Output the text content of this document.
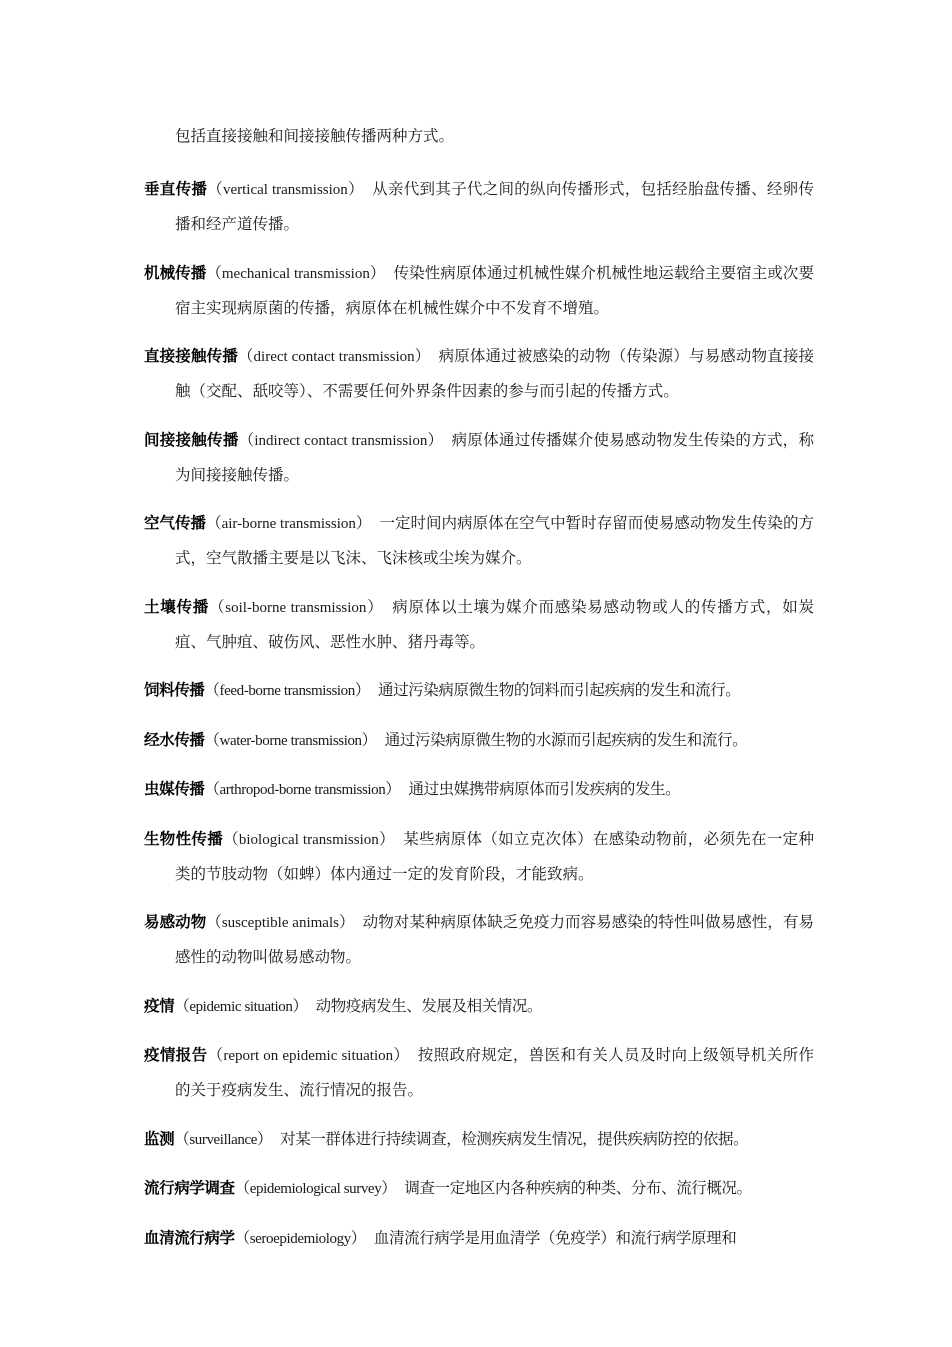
包括直接接触和间接接触传播两种方式。

垂直传播（vertical transmission） 从亲代到其子代之间的纵向传播形式，包括经胎盘传播、经卵传播和经产道传播。

机械传播（mechanical transmission） 传染性病原体通过机械性媒介机械性地运载给主要宿主或次要宿主实现病原菌的传播，病原体在机械性媒介中不发育不增殖。

直接接触传播（direct contact transmission） 病原体通过被感染的动物（传染源）与易感动物直接接触（交配、舐咬等）、不需要任何外界条件因素的参与而引起的传播方式。

间接接触传播（indirect contact transmission） 病原体通过传播媒介使易感动物发生传染的方式，称为间接接触传播。

空气传播（air-borne transmission） 一定时间内病原体在空气中暂时存留而使易感动物发生传染的方式，空气散播主要是以飞沫、飞沫核或尘埃为媒介。

土壤传播（soil-borne transmission） 病原体以土壤为媒介而感染易感动物或人的传播方式，如炭疽、气肿疽、破伤风、恶性水肿、猪丹毒等。

饲料传播（feed-borne transmission） 通过污染病原微生物的饲料而引起疾病的发生和流行。

经水传播（water-borne transmission） 通过污染病原微生物的水源而引起疾病的发生和流行。

虫媒传播（arthropod-borne transmission） 通过虫媒携带病原体而引发疾病的发生。

生物性传播（biological transmission） 某些病原体（如立克次体）在感染动物前，必须先在一定种类的节肢动物（如蜱）体内通过一定的发育阶段，才能致病。

易感动物（susceptible animals） 动物对某种病原体缺乏免疫力而容易感染的特性叫做易感性，有易感性的动物叫做易感动物。

疫情（epidemic situation） 动物疫病发生、发展及相关情况。

疫情报告（report on epidemic situation） 按照政府规定，兽医和有关人员及时向上级领导机关所作的关于疫病发生、流行情况的报告。

监测（surveillance） 对某一群体进行持续调查，检测疾病发生情况，提供疾病防控的依据。

流行病学调查（epidemiological survey） 调查一定地区内各种疾病的种类、分布、流行概况。

血清流行病学（seroepidemiology） 血清流行病学是用血清学（免疫学）和流行病学原理和
